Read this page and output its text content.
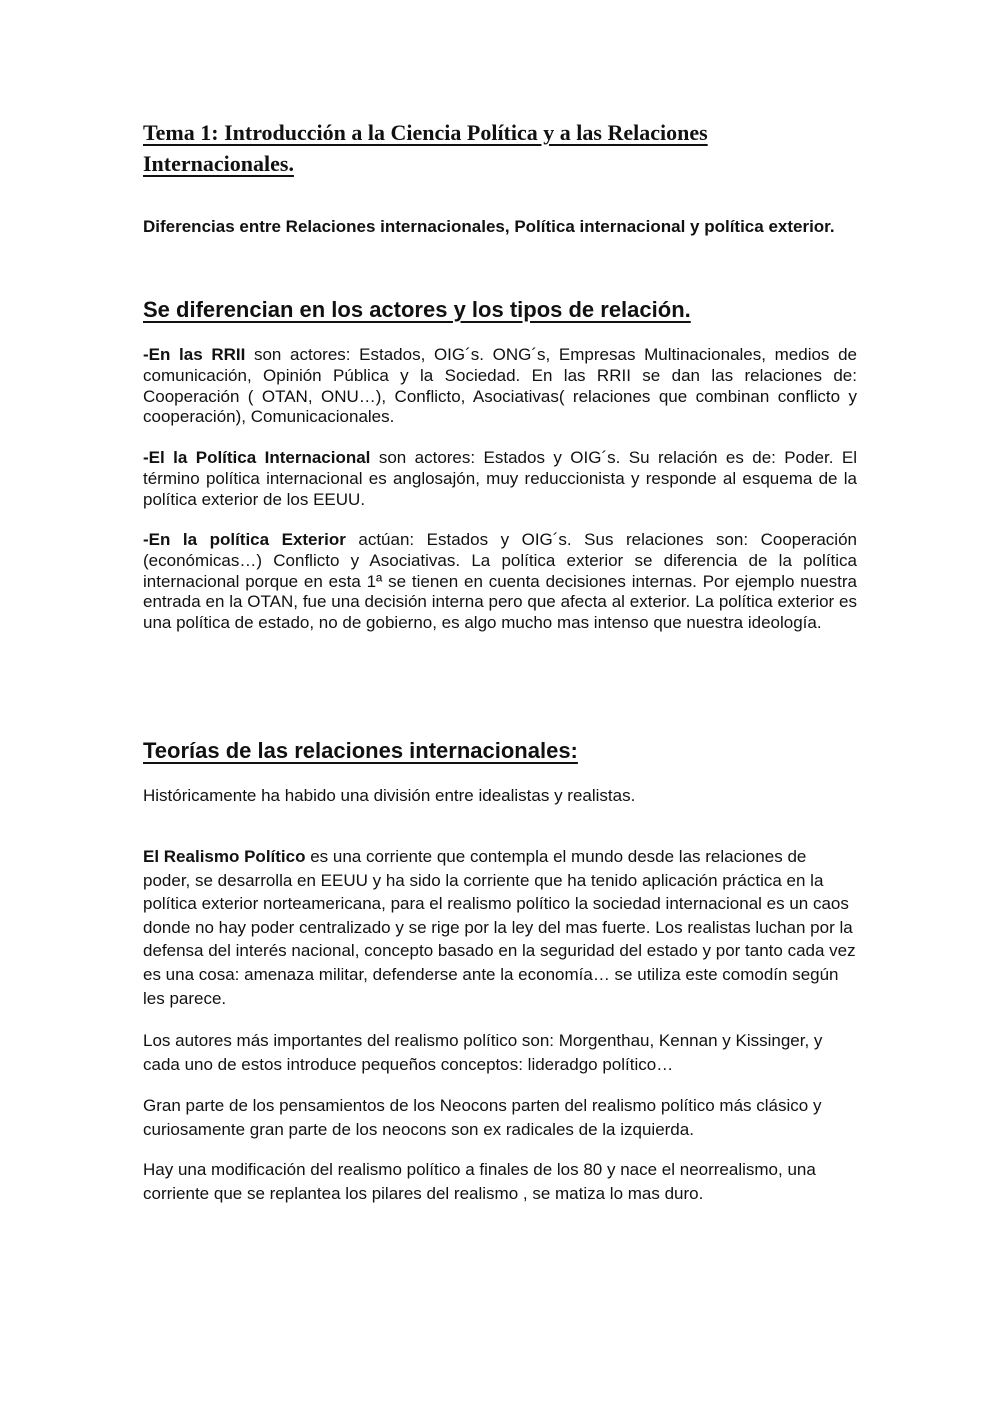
Tema 1: Introducción a la Ciencia Política y a las Relaciones Internacionales.

Diferencias entre Relaciones internacionales, Política internacional y política exterior.

Se diferencian en los actores y los tipos de relación.

-En las RRII son actores: Estados, OIG´s. ONG´s, Empresas Multinacionales, medios de comunicación, Opinión Pública y la Sociedad. En las RRII se dan las relaciones de: Cooperación ( OTAN, ONU…), Conflicto, Asociativas( relaciones que combinan conflicto y cooperación), Comunicacionales.

-El la Política Internacional son actores: Estados y OIG´s. Su relación es de: Poder. El término política internacional es anglosajón, muy reduccionista y responde al esquema de la política exterior de los EEUU.

-En la política Exterior actúan: Estados y OIG´s. Sus relaciones son: Cooperación (económicas…) Conflicto y Asociativas. La política exterior se diferencia de la política internacional porque en esta 1ª se tienen en cuenta decisiones internas. Por ejemplo nuestra entrada en la OTAN, fue una decisión interna pero que afecta al exterior. La política exterior es una política de estado, no de gobierno, es algo mucho mas intenso que nuestra ideología.

Teorías de las relaciones internacionales:

Históricamente ha habido una división entre idealistas y realistas.

El Realismo Político es una corriente que contempla el mundo desde las relaciones de poder, se desarrolla en EEUU y ha sido la corriente que ha tenido aplicación práctica en la política exterior norteamericana, para el realismo político la sociedad internacional es un caos donde no hay poder centralizado y se rige por la ley del mas fuerte. Los realistas luchan por la defensa del interés nacional, concepto basado en la seguridad del estado y por tanto cada vez es una cosa: amenaza militar, defenderse ante la economía… se utiliza este comodín según les parece.

Los autores más importantes del realismo político son: Morgenthau, Kennan y Kissinger, y cada uno de estos introduce pequeños conceptos: lideradgo político…

Gran parte de los pensamientos de los Neocons parten del realismo político más clásico y curiosamente gran parte de los neocons son ex radicales de la izquierda.

Hay una modificación del realismo político a finales de los 80 y nace el neorrealismo, una corriente que se replantea los pilares del realismo , se matiza lo mas duro.
